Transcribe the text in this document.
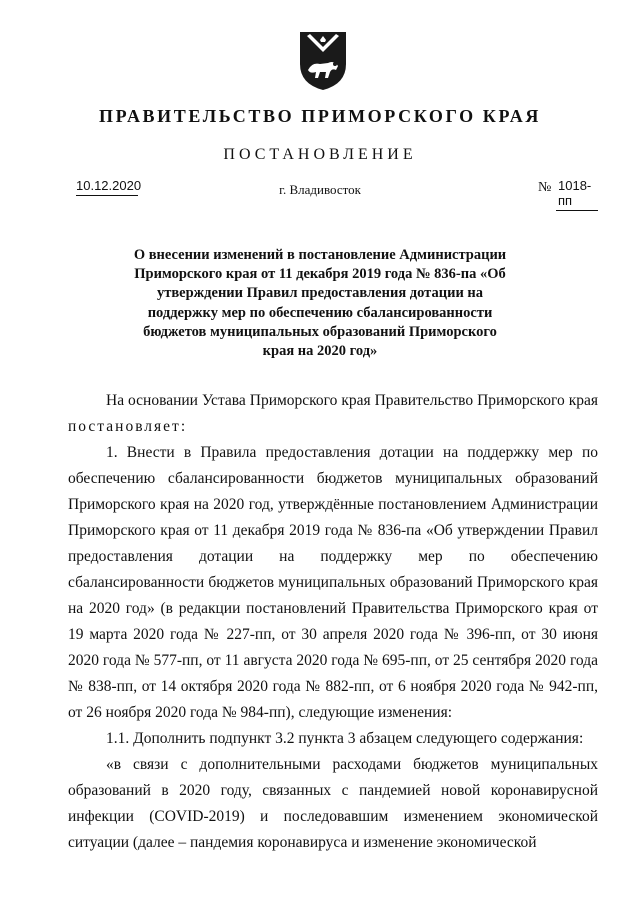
ПРАВИТЕЛЬСТВО ПРИМОРСКОГО КРАЯ
ПОСТАНОВЛЕНИЕ
10.12.2020	г. Владивосток	№ 1018-пп
О внесении изменений в постановление Администрации Приморского края от 11 декабря 2019 года № 836-па «Об утверждении Правил предоставления дотации на поддержку мер по обеспечению сбалансированности бюджетов муниципальных образований Приморского края на 2020 год»

На основании Устава Приморского края Правительство Приморского края постановляет:

1. Внести в Правила предоставления дотации на поддержку мер по обеспечению сбалансированности бюджетов муниципальных образований Приморского края на 2020 год, утверждённые постановлением Администрации Приморского края от 11 декабря 2019 года № 836-па «Об утверждении Правил предоставления дотации на поддержку мер по обеспечению сбалансированности бюджетов муниципальных образований Приморского края на 2020 год» (в редакции постановлений Правительства Приморского края от 19 марта 2020 года № 227-пп, от 30 апреля 2020 года № 396-пп, от 30 июня 2020 года № 577-пп, от 11 августа 2020 года № 695-пп, от 25 сентября 2020 года № 838-пп, от 14 октября 2020 года № 882-пп, от 6 ноября 2020 года № 942-пп, от 26 ноября 2020 года № 984-пп), следующие изменения:

1.1. Дополнить подпункт 3.2 пункта 3 абзацем следующего содержания:

«в связи с дополнительными расходами бюджетов муниципальных образований в 2020 году, связанных с пандемией новой коронавирусной инфекции (COVID-2019) и последовавшим изменением экономической ситуации (далее – пандемия коронавируса и изменение экономической
